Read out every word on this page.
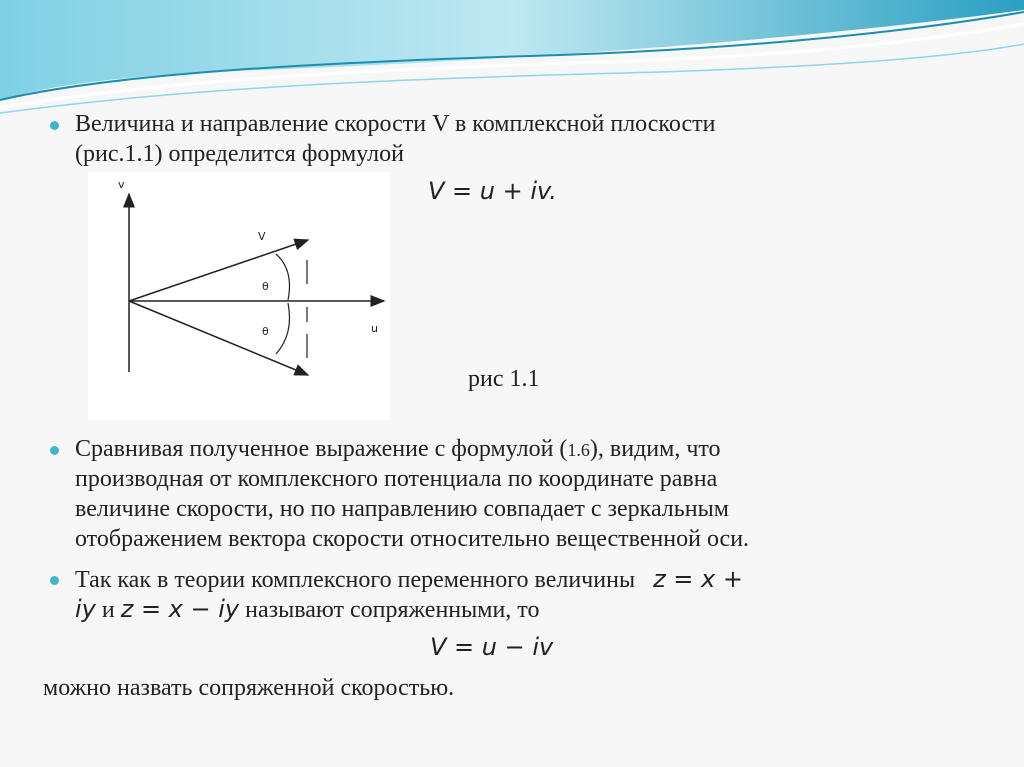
Величина и направление скорости V в комплексной плоскости
(рис.1.1) определится формулой
V = u + iv.
v
u
V
θ
θ
рис 1.1
Сравнивая полученное выражение с формулой (1.6), видим, что
производная от комплексного потенциала по координате равна
величине скорости, но по направлению совпадает с зеркальным
отображением вектора скорости относительно вещественной оси.
Так как в теории комплексного переменного величины z = x +
iy и z = x − iy называют сопряженными, то
V = u − iv
можно назвать сопряженной скоростью.
